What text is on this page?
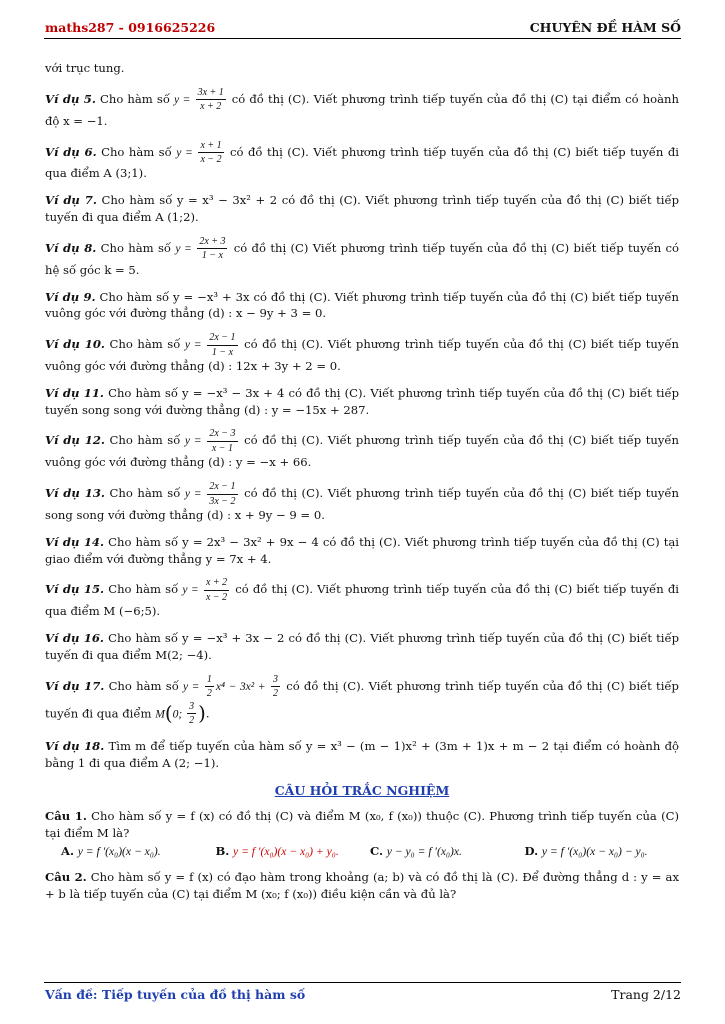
maths287 - 0916625226	CHUYÊN ĐỀ HÀM SỐ

với trục tung.

Ví dụ 5. Cho hàm số $y = \frac{3x + 1}{x + 2}$ có đồ thị (C). Viết phương trình tiếp tuyến của đồ thị (C) tại điểm có hoành độ x = −1.

Ví dụ 6. Cho hàm số $y = \frac{x + 1}{x - 2}$ có đồ thị (C). Viết phương trình tiếp tuyến của đồ thị (C) biết tiếp tuyến đi qua điểm A (3;1).

Ví dụ 7. Cho hàm số y = x³ − 3x² + 2 có đồ thị (C). Viết phương trình tiếp tuyến của đồ thị (C) biết tiếp tuyến đi qua điểm A (1;2).

Ví dụ 8. Cho hàm số $y = \frac{2x + 3}{1 - x}$ có đồ thị (C) Viết phương trình tiếp tuyến của đồ thị (C) biết tiếp tuyến có hệ số góc k = 5.

Ví dụ 9. Cho hàm số y = −x³ + 3x có đồ thị (C). Viết phương trình tiếp tuyến của đồ thị (C) biết tiếp tuyến vuông góc với đường thẳng (d) : x − 9y + 3 = 0.

Ví dụ 10. Cho hàm số $y = \frac{2x - 1}{1 - x}$ có đồ thị (C). Viết phương trình tiếp tuyến của đồ thị (C) biết tiếp tuyến vuông góc với đường thẳng (d) : 12x + 3y + 2 = 0.

Ví dụ 11. Cho hàm số y = −x³ − 3x + 4 có đồ thị (C). Viết phương trình tiếp tuyến của đồ thị (C) biết tiếp tuyến song song với đường thẳng (d) : y = −15x + 287.

Ví dụ 12. Cho hàm số $y = \frac{2x - 3}{x - 1}$ có đồ thị (C). Viết phương trình tiếp tuyến của đồ thị (C) biết tiếp tuyến vuông góc với đường thẳng (d) : y = −x + 66.

Ví dụ 13. Cho hàm số $y = \frac{2x - 1}{3x - 2}$ có đồ thị (C). Viết phương trình tiếp tuyến của đồ thị (C) biết tiếp tuyến song song với đường thẳng (d) : x + 9y − 9 = 0.

Ví dụ 14. Cho hàm số y = 2x³ − 3x² + 9x − 4 có đồ thị (C). Viết phương trình tiếp tuyến của đồ thị (C) tại giao điểm với đường thẳng y = 7x + 4.

Ví dụ 15. Cho hàm số $y = \frac{x + 2}{x - 2}$ có đồ thị (C). Viết phương trình tiếp tuyến của đồ thị (C) biết tiếp tuyến đi qua điểm M (−6;5).

Ví dụ 16. Cho hàm số y = −x³ + 3x − 2 có đồ thị (C). Viết phương trình tiếp tuyến của đồ thị (C) biết tiếp tuyến đi qua điểm M(2; −4).

Ví dụ 17. Cho hàm số $y = \frac{1}{2} x^4 - 3x^2 + \frac{3}{2}$ có đồ thị (C). Viết phương trình tiếp tuyến của đồ thị (C) biết tiếp tuyến đi qua điểm M(0; $\frac{3}{2}$ ).

Ví dụ 18. Tìm m để tiếp tuyến của hàm số y = x³ − (m − 1)x² + (3m + 1)x + m − 2 tại điểm có hoành độ bằng 1 đi qua điểm A (2; −1).

CÂU HỎI TRẮC NGHIỆM

Câu 1. Cho hàm số y = f (x) có đồ thị (C) và điểm M (x₀, f (x₀)) thuộc (C). Phương trình tiếp tuyến của (C) tại điểm M là?

A. y = f ′(x₀)(x − x₀).	B. y = f ′(x₀)(x − x₀) + y₀.	C. y − y₀ = f ′(x₀)x.	D. y = f ′(x₀)(x − x₀) − y₀.

Câu 2. Cho hàm số y = f (x) có đạo hàm trong khoảng (a; b) và có đồ thị là (C). Để đường thẳng d : y = ax + b là tiếp tuyến của (C) tại điểm M (x₀; f (x₀)) điều kiện cần và đủ là?

Vấn đề: Tiếp tuyến của đồ thị hàm số	Trang 2/12
